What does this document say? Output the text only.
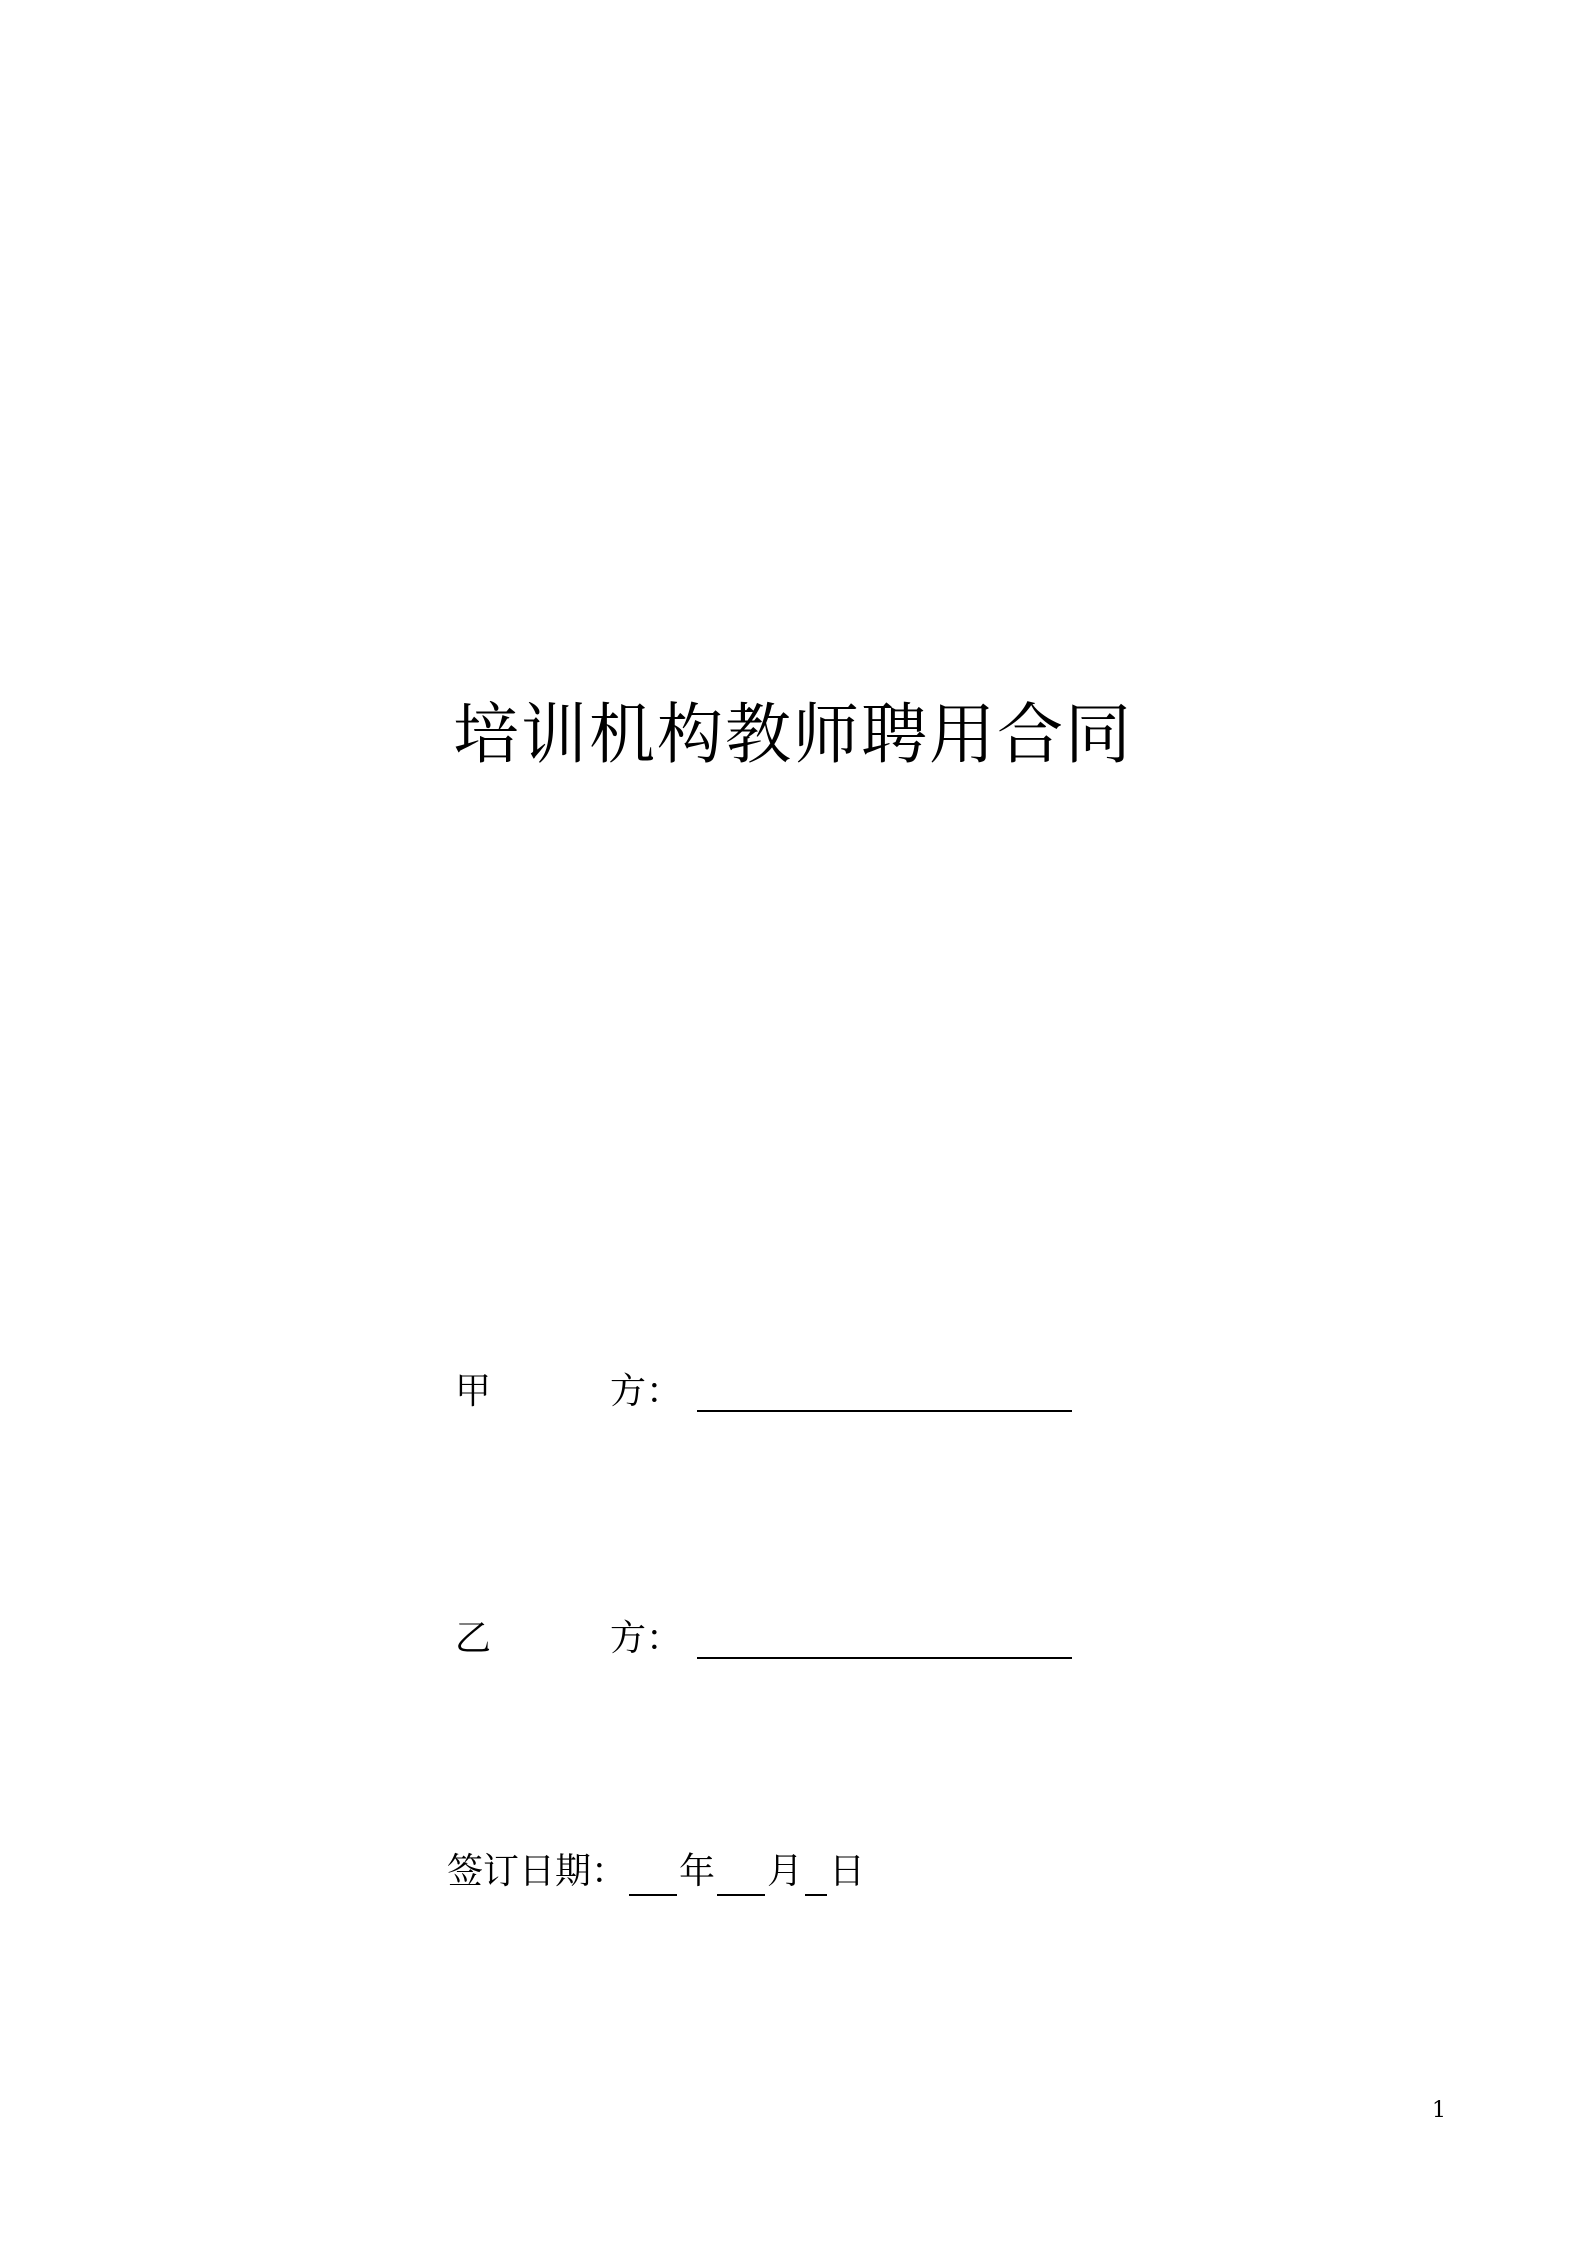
培训机构教师聘用合同
甲	方：
乙	方：
签订日期： 年 月 日
1
